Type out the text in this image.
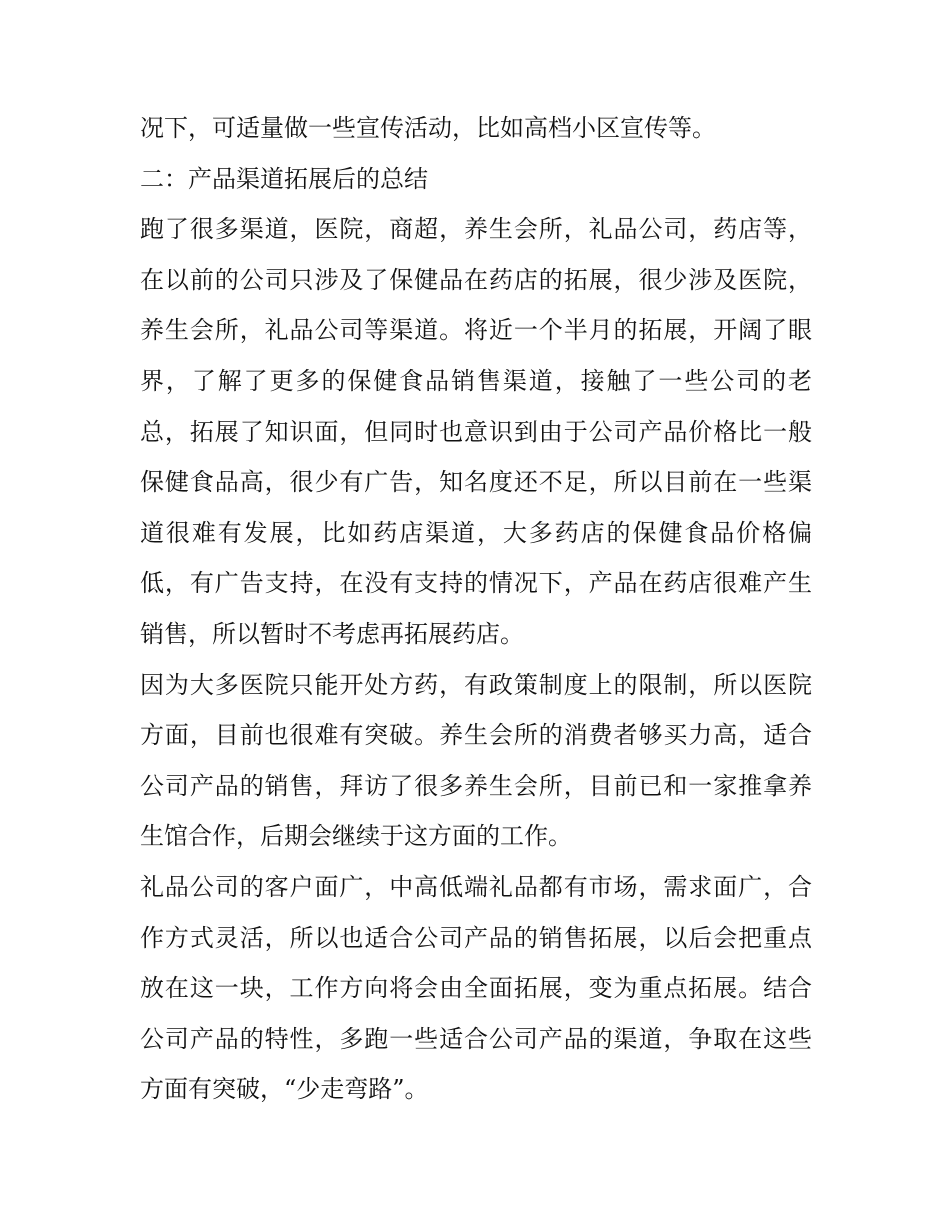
况下，可适量做一些宣传活动，比如高档小区宣传等。
二：产品渠道拓展后的总结
跑了很多渠道，医院，商超，养生会所，礼品公司，药店等，
在以前的公司只涉及了保健品在药店的拓展，很少涉及医院，
养生会所，礼品公司等渠道。将近一个半月的拓展，开阔了眼
界，了解了更多的保健食品销售渠道，接触了一些公司的老
总，拓展了知识面，但同时也意识到由于公司产品价格比一般
保健食品高，很少有广告，知名度还不足，所以目前在一些渠
道很难有发展，比如药店渠道，大多药店的保健食品价格偏
低，有广告支持，在没有支持的情况下，产品在药店很难产生
销售，所以暂时不考虑再拓展药店。
因为大多医院只能开处方药，有政策制度上的限制，所以医院
方面，目前也很难有突破。养生会所的消费者够买力高，适合
公司产品的销售，拜访了很多养生会所，目前已和一家推拿养
生馆合作，后期会继续于这方面的工作。
礼品公司的客户面广，中高低端礼品都有市场，需求面广，合
作方式灵活，所以也适合公司产品的销售拓展，以后会把重点
放在这一块，工作方向将会由全面拓展，变为重点拓展。结合
公司产品的特性，多跑一些适合公司产品的渠道，争取在这些
方面有突破，“少走弯路”。
